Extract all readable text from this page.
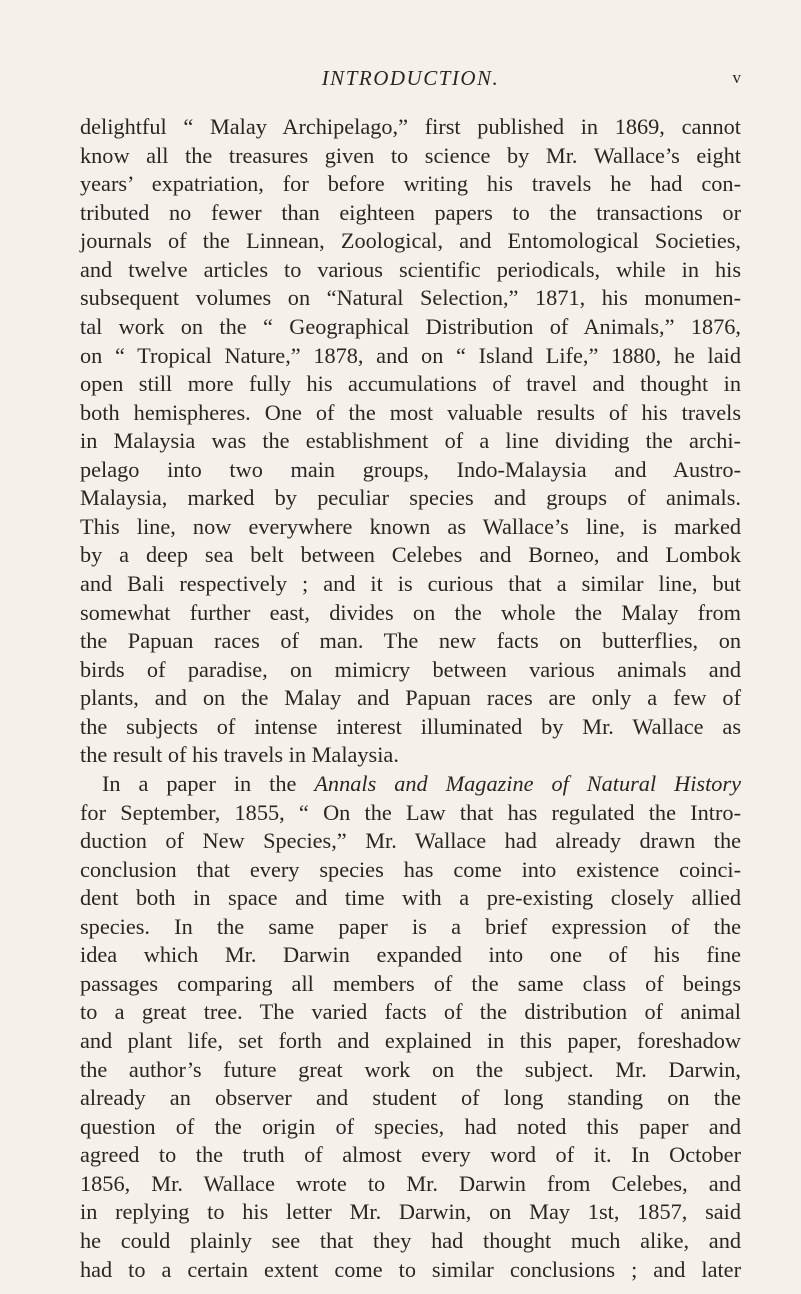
INTRODUCTION.	v
delightful “ Malay Archipelago,” first published in 1869, cannot
know all the treasures given to science by Mr. Wallace’s eight
years’ expatriation, for before writing his travels he had con-
tributed no fewer than eighteen papers to the transactions or
journals of the Linnean, Zoological, and Entomological Societies,
and twelve articles to various scientific periodicals, while in his
subsequent volumes on “Natural Selection,” 1871, his monumen-
tal work on the “ Geographical Distribution of Animals,” 1876,
on “ Tropical Nature,” 1878, and on “ Island Life,” 1880, he laid
open still more fully his accumulations of travel and thought in
both hemispheres. One of the most valuable results of his travels
in Malaysia was the establishment of a line dividing the archi-
pelago into two main groups, Indo-Malaysia and Austro-
Malaysia, marked by peculiar species and groups of animals.
This line, now everywhere known as Wallace’s line, is marked
by a deep sea belt between Celebes and Borneo, and Lombok
and Bali respectively ; and it is curious that a similar line, but
somewhat further east, divides on the whole the Malay from
the Papuan races of man. The new facts on butterflies, on
birds of paradise, on mimicry between various animals and
plants, and on the Malay and Papuan races are only a few of
the subjects of intense interest illuminated by Mr. Wallace as
the result of his travels in Malaysia.
In a paper in the Annals and Magazine of Natural History
for September, 1855, “ On the Law that has regulated the Intro-
duction of New Species,” Mr. Wallace had already drawn the
conclusion that every species has come into existence coinci-
dent both in space and time with a pre-existing closely allied
species. In the same paper is a brief expression of the
idea which Mr. Darwin expanded into one of his fine
passages comparing all members of the same class of beings
to a great tree. The varied facts of the distribution of animal
and plant life, set forth and explained in this paper, foreshadow
the author’s future great work on the subject. Mr. Darwin,
already an observer and student of long standing on the
question of the origin of species, had noted this paper and
agreed to the truth of almost every word of it. In October
1856, Mr. Wallace wrote to Mr. Darwin from Celebes, and
in replying to his letter Mr. Darwin, on May 1st, 1857, said
he could plainly see that they had thought much alike, and
had to a certain extent come to similar conclusions ; and later
